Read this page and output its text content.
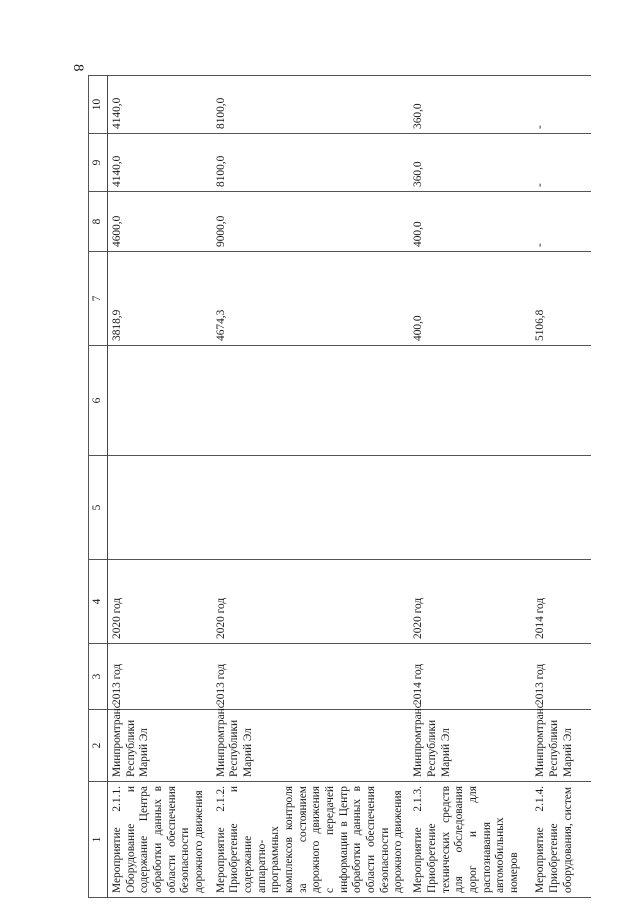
8
1	2	3	4	5	6	7	8	9	10
Мероприятие 2.1.1. Оборудование и содержание Центра обработки данных в области обеспечения безопасности дорожного движения	Минпромтранс Республики Марий Эл	2013 год	2020 год			3818,9	4600,0	4140,0	4140,0
Мероприятие 2.1.2. Приобретение и содержание аппаратно-программных комплексов контроля за состоянием дорожного движения с передачей информации в Центр обработки данных в области обеспечения безопасности дорожного движения	Минпромтранс Республики Марий Эл	2013 год	2020 год			4674,3	9000,0	8100,0	8100,0
Мероприятие 2.1.3. Приобретение технических средств для обследования дорог и для распознавания автомобильных номеров	Минпромтранс Республики Марий Эл	2014 год	2020 год			400,0	400,0	360,0	360,0
Мероприятие 2.1.4. Приобретение оборудования, систем	Минпромтранс Республики Марий Эл	2013 год	2014 год			5106,8	-	-	-
